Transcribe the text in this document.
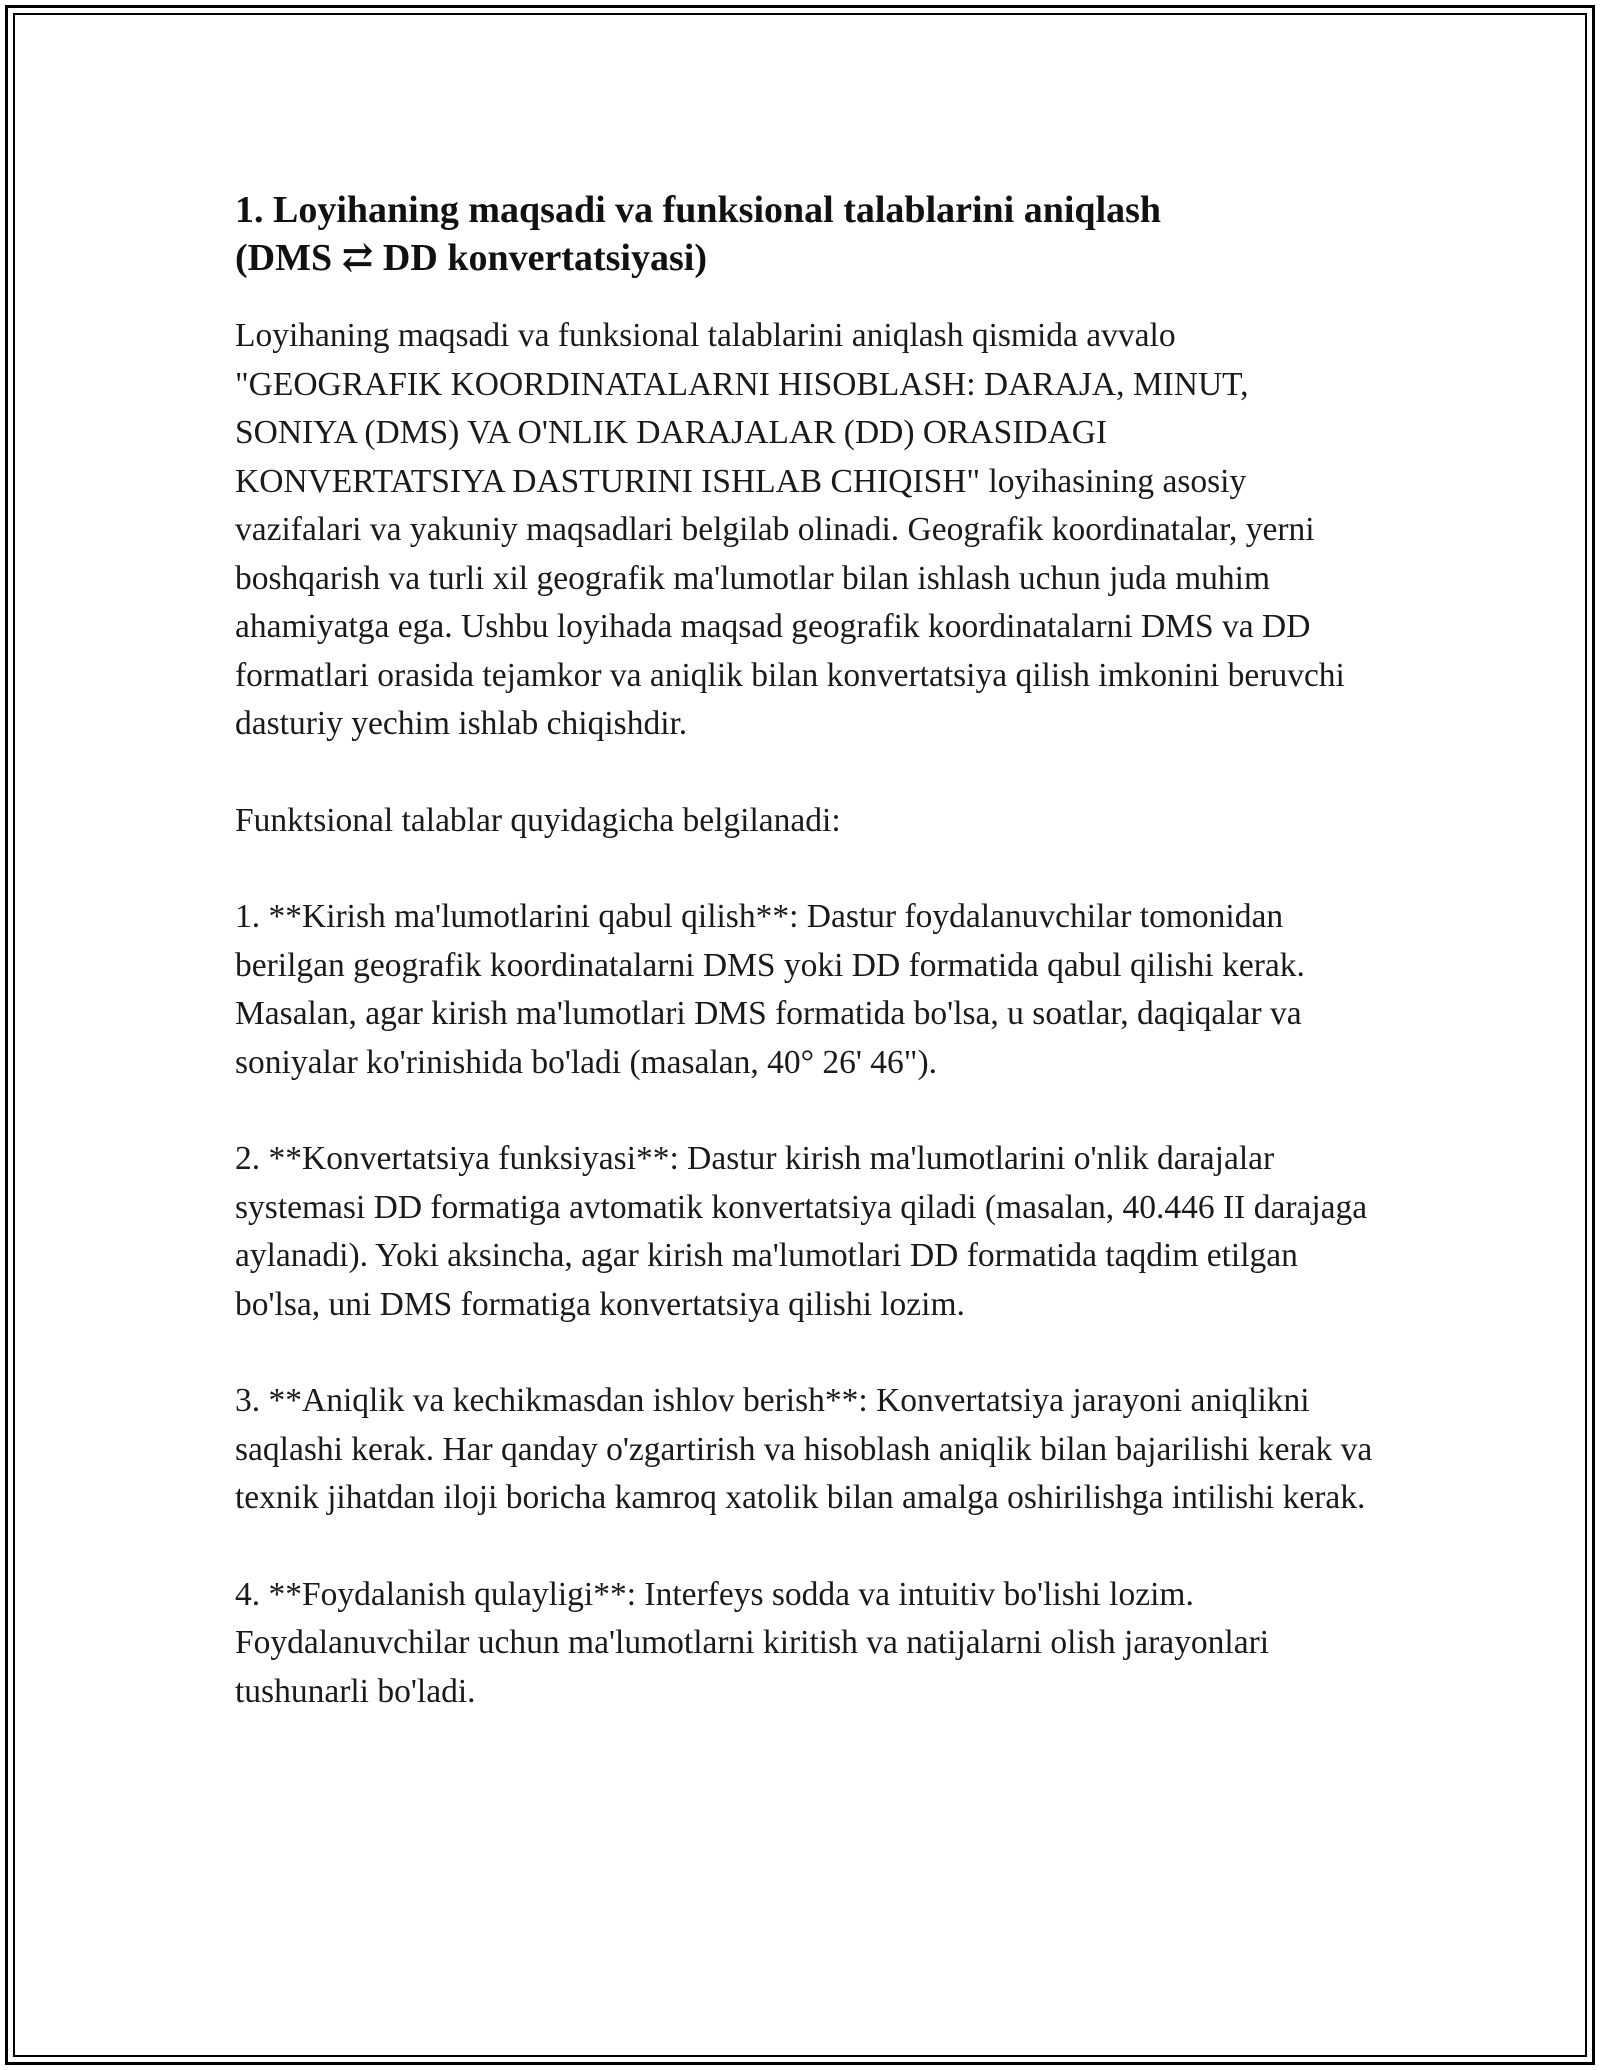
1. Loyihaning maqsadi va funksional talablarini aniqlash
(DMS ⇄ DD konvertatsiyasi)

Loyihaning maqsadi va funksional talablarini aniqlash qismida avvalo "GEOGRAFIK KOORDINATALARNI HISOBLASH: DARAJA, MINUT, SONIYA (DMS) VA O'NLIK DARAJALAR (DD) ORASIDAGI KONVERTATSIYA DASTURINI ISHLAB CHIQISH" loyihasining asosiy vazifalari va yakuniy maqsadlari belgilab olinadi. Geografik koordinatalar, yerni boshqarish va turli xil geografik ma'lumotlar bilan ishlash uchun juda muhim ahamiyatga ega. Ushbu loyihada maqsad geografik koordinatalarni DMS va DD formatlari orasida tejamkor va aniqlik bilan konvertatsiya qilish imkonini beruvchi dasturiy yechim ishlab chiqishdir.

Funktsional talablar quyidagicha belgilanadi:

1. **Kirish ma'lumotlarini qabul qilish**: Dastur foydalanuvchilar tomonidan berilgan geografik koordinatalarni DMS yoki DD formatida qabul qilishi kerak. Masalan, agar kirish ma'lumotlari DMS formatida bo'lsa, u soatlar, daqiqalar va soniyalar ko'rinishida bo'ladi (masalan, 40° 26' 46").

2. **Konvertatsiya funksiyasi**: Dastur kirish ma'lumotlarini o'nlik darajalar systemasi DD formatiga avtomatik konvertatsiya qiladi (masalan, 40.446 II darajaga aylanadi). Yoki aksincha, agar kirish ma'lumotlari DD formatida taqdim etilgan bo'lsa, uni DMS formatiga konvertatsiya qilishi lozim.

3. **Aniqlik va kechikmasdan ishlov berish**: Konvertatsiya jarayoni aniqlikni saqlashi kerak. Har qanday o'zgartirish va hisoblash aniqlik bilan bajarilishi kerak va texnik jihatdan iloji boricha kamroq xatolik bilan amalga oshirilishga intilishi kerak.

4. **Foydalanish qulayligi**: Interfeys sodda va intuitiv bo'lishi lozim. Foydalanuvchilar uchun ma'lumotlarni kiritish va natijalarni olish jarayonlari tushunarli bo'ladi.
